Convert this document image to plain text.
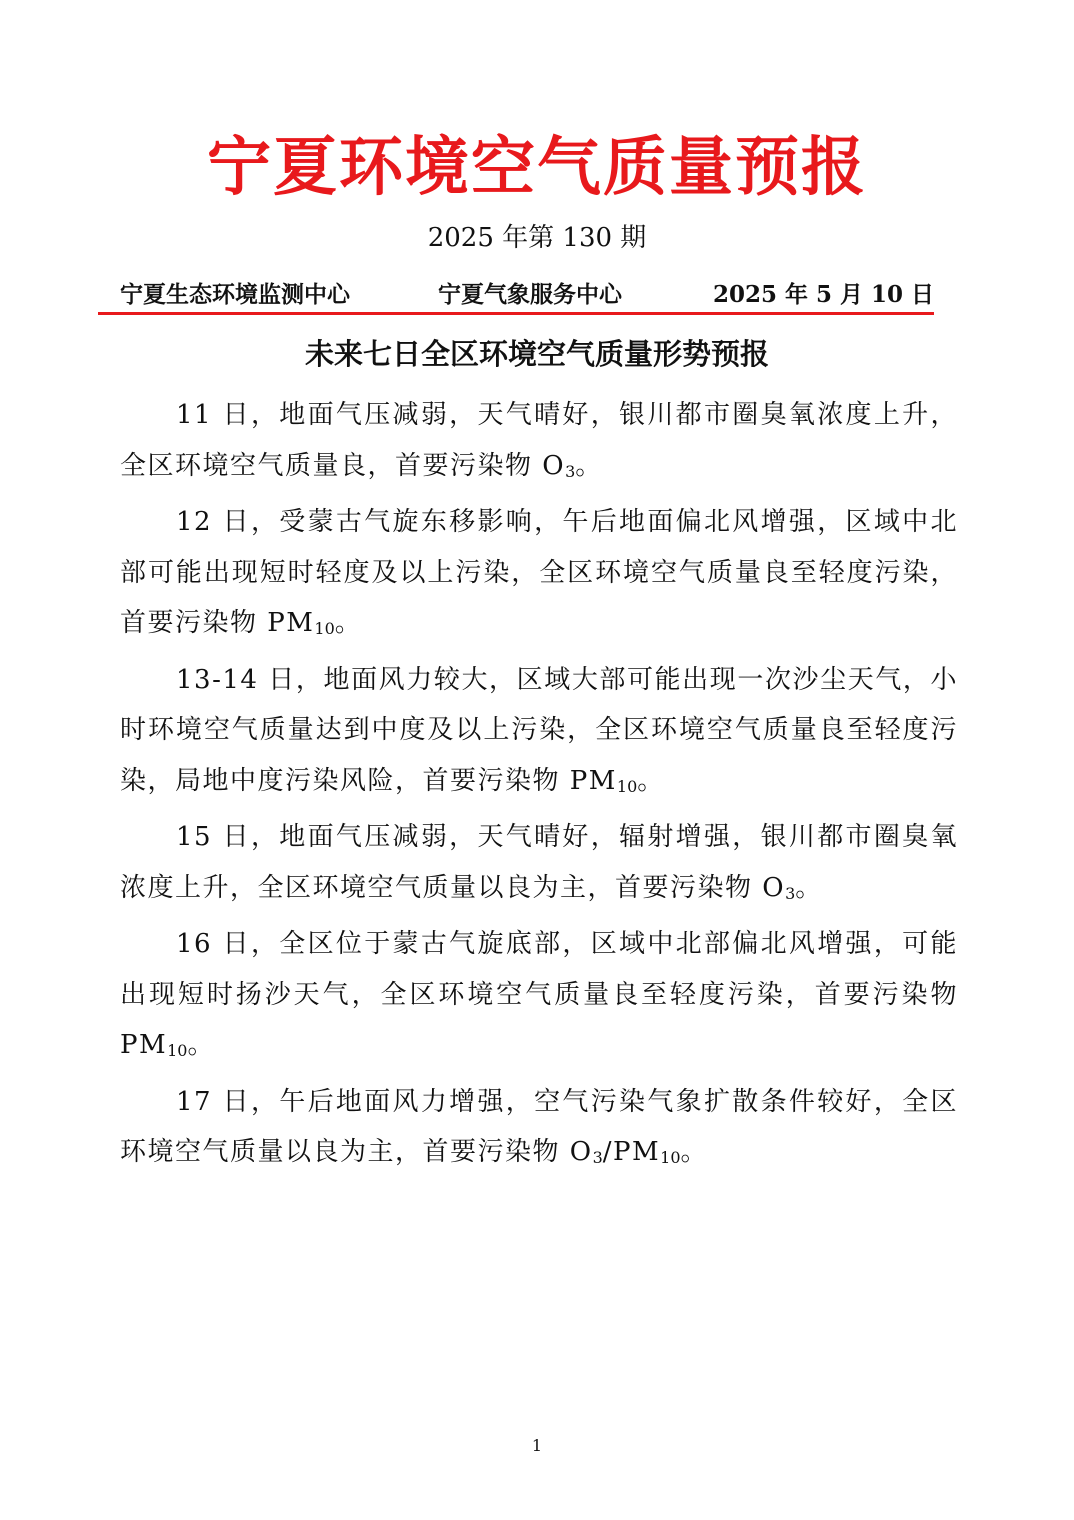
宁夏环境空气质量预报
2025 年第 130 期
宁夏生态环境监测中心	宁夏气象服务中心	2025 年 5 月 10 日
未来七日全区环境空气质量形势预报

11 日，地面气压减弱，天气晴好，银川都市圈臭氧浓度上升，全区环境空气质量良，首要污染物 $O_3$。

12 日，受蒙古气旋东移影响，午后地面偏北风增强，区域中北部可能出现短时轻度及以上污染，全区环境空气质量良至轻度污染，首要污染物 $PM_{10}$。

13-14 日，地面风力较大，区域大部可能出现一次沙尘天气，小时环境空气质量达到中度及以上污染，全区环境空气质量良至轻度污染，局地中度污染风险，首要污染物 $PM_{10}$。

15 日，地面气压减弱，天气晴好，辐射增强，银川都市圈臭氧浓度上升，全区环境空气质量以良为主，首要污染物 $O_3$。

16 日，全区位于蒙古气旋底部，区域中北部偏北风增强，可能出现短时扬沙天气，全区环境空气质量良至轻度污染，首要污染物 $PM_{10}$。

17 日，午后地面风力增强，空气污染气象扩散条件较好，全区环境空气质量以良为主，首要污染物 $O_3/PM_{10}$。

1
